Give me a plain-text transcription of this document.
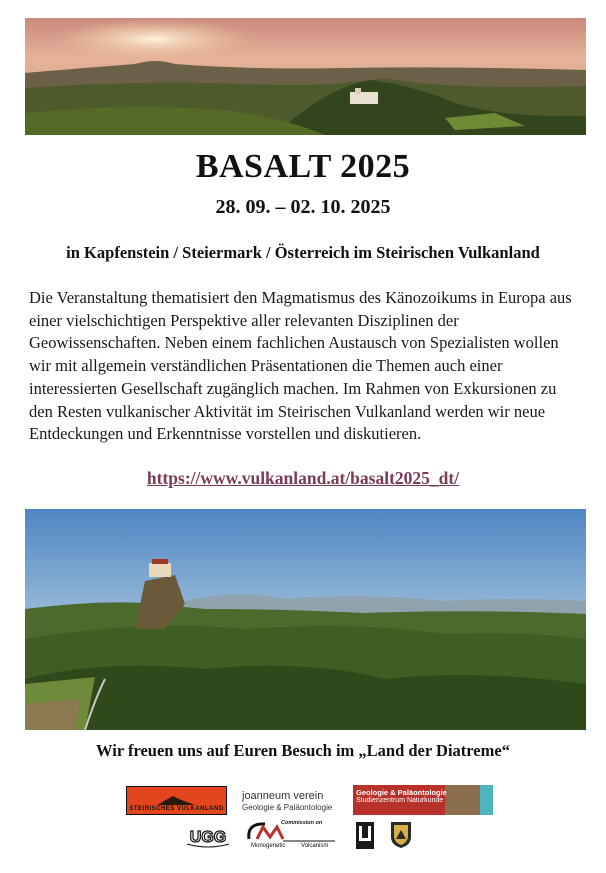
BASALT 2025

28. 09. – 02. 10. 2025

in Kapfenstein / Steiermark / Österreich im Steirischen Vulkanland

Die Veranstaltung thematisiert den Magmatismus des Känozoikums in Europa aus einer vielschichtigen Perspektive aller relevanten Disziplinen der Geowissenschaften. Neben einem fachlichen Austausch von Spezialisten wollen wir mit allgemein verständlichen Präsentationen die Themen auch einer interessierten Gesellschaft zugänglich machen. Im Rahmen von Exkursionen zu den Resten vulkanischer Aktivität im Steirischen Vulkanland werden wir neue Entdeckungen und Erkenntnisse vorstellen und diskutieren.

https://www.vulkanland.at/basalt2025_dt/

Wir freuen uns auf Euren Besuch im „Land der Diatreme“

STEIRISCHES VULKANLAND
joanneum verein
Geologie & Paläontologie
Geologie & Paläontologie
Studienzentrum Naturkunde
UGG
Commission on
Monogenetic	Volcanism
